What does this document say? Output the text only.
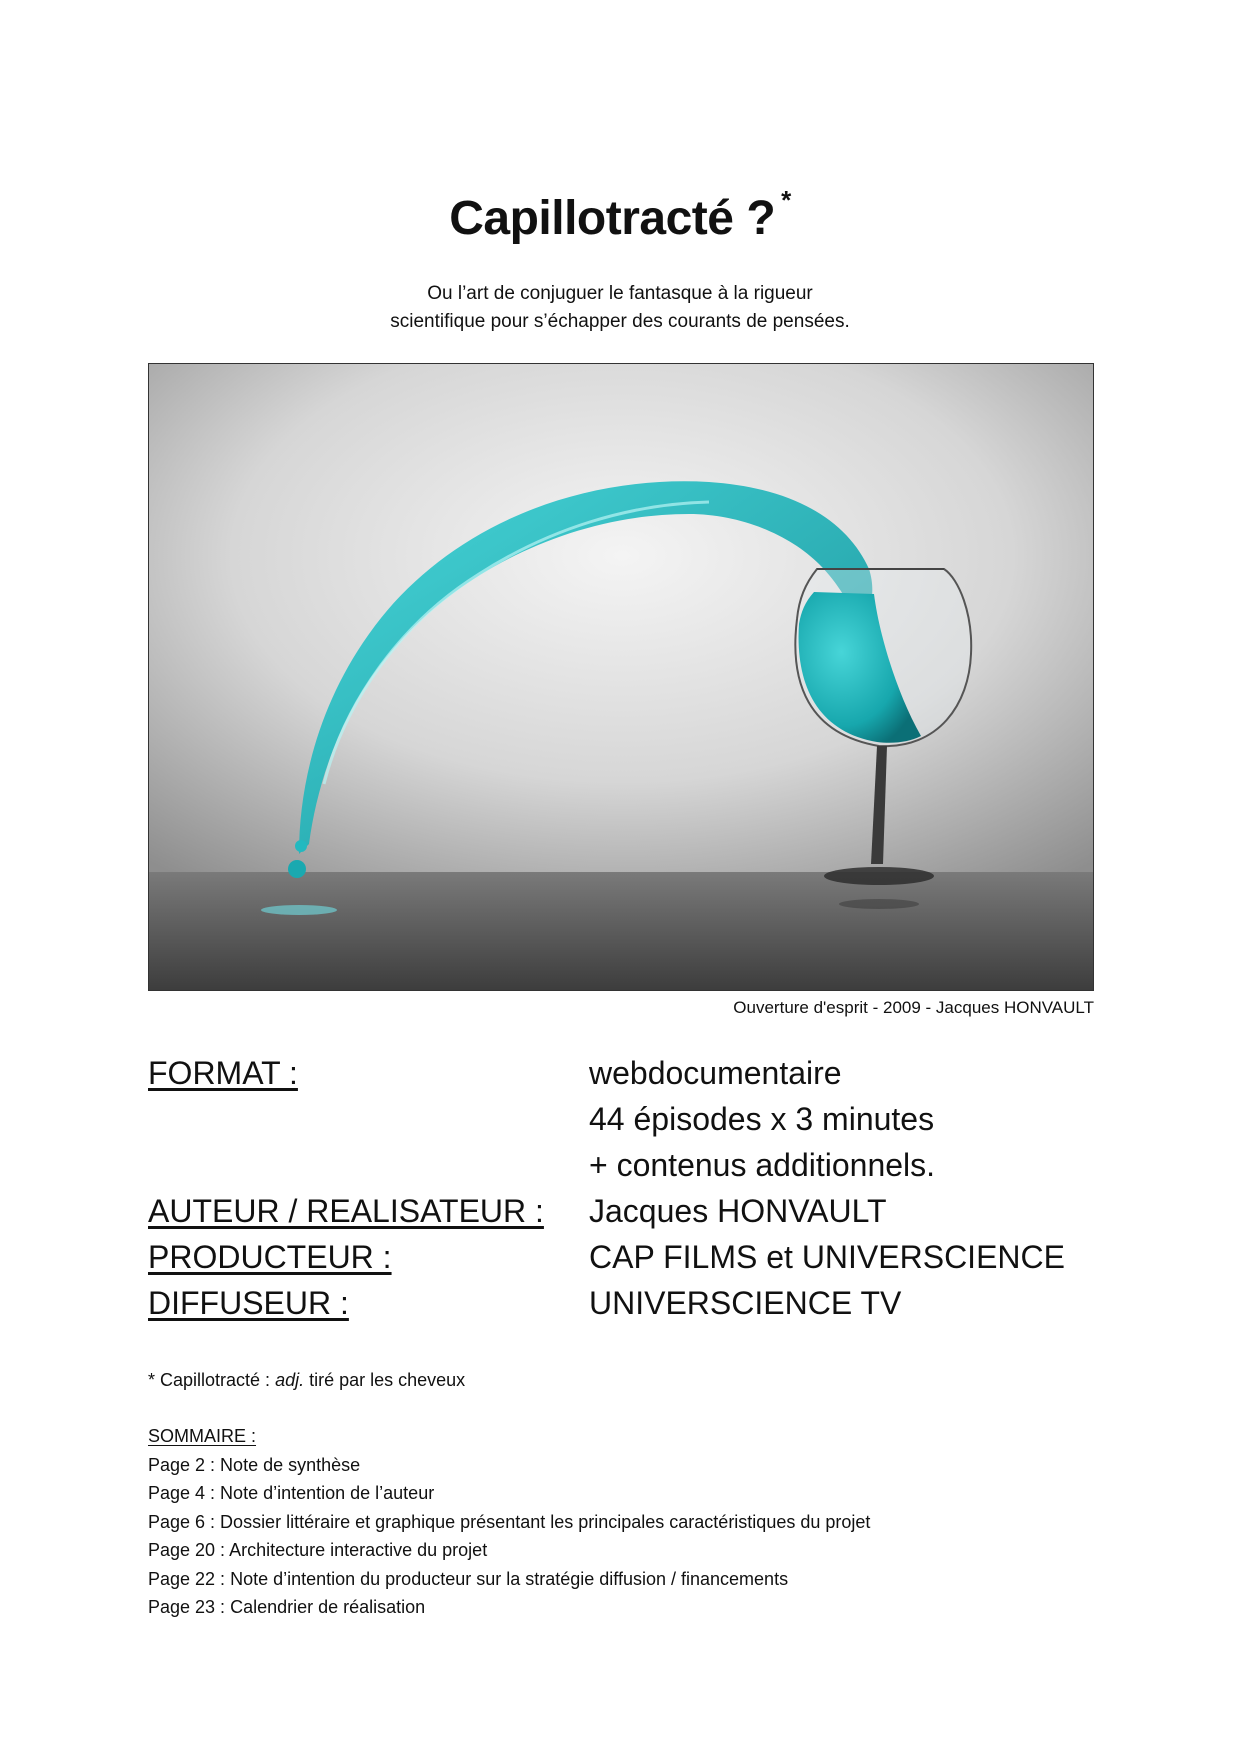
Capillotracté ? *
Ou l’art de conjuguer le fantasque à la rigueur
scientifique pour s’échapper des courants de pensées.
Ouverture d'esprit - 2009 - Jacques HONVAULT
FORMAT :	webdocumentaire
44 épisodes x 3 minutes
+ contenus additionnels.
AUTEUR / REALISATEUR :	Jacques HONVAULT
PRODUCTEUR :	CAP FILMS et UNIVERSCIENCE
DIFFUSEUR :	UNIVERSCIENCE TV
* Capillotracté : adj. tiré par les cheveux
SOMMAIRE :
Page 2 : Note de synthèse
Page 4 : Note d’intention de l’auteur
Page 6 : Dossier littéraire et graphique présentant les principales caractéristiques du projet
Page 20 : Architecture interactive du projet
Page 22 : Note d’intention du producteur sur la stratégie diffusion / financements
Page 23 : Calendrier de réalisation
